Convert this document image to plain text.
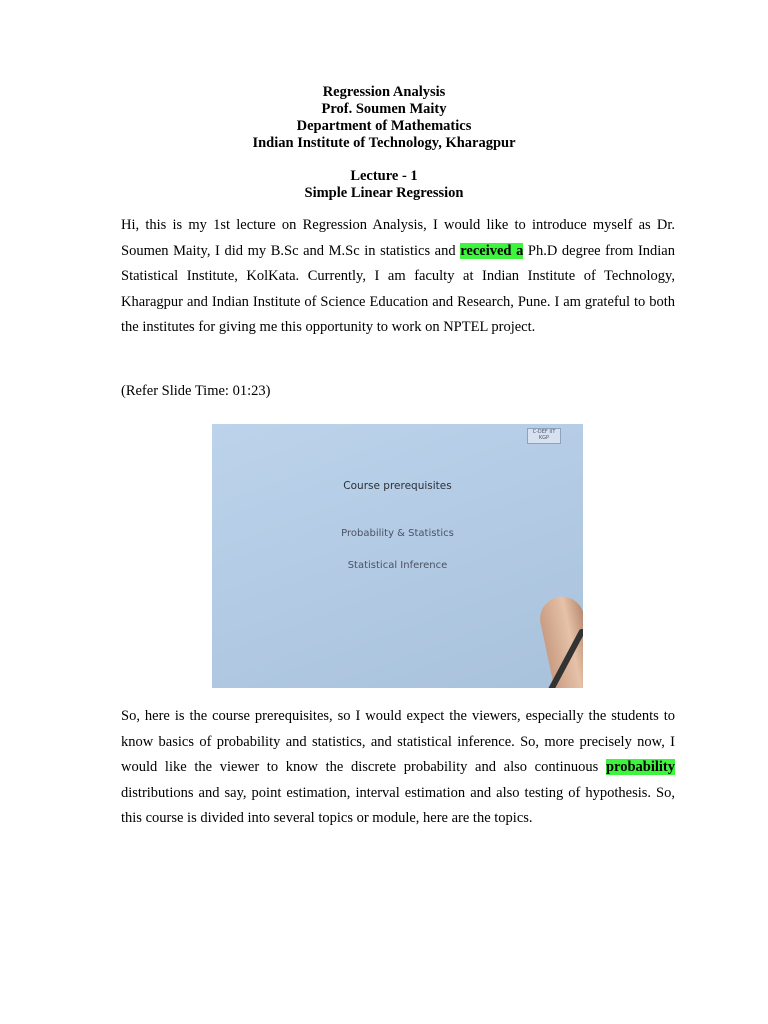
Regression Analysis
Prof. Soumen Maity
Department of Mathematics
Indian Institute of Technology, Kharagpur
Lecture - 1
Simple Linear Regression

Hi, this is my 1st lecture on Regression Analysis, I would like to introduce myself as Dr. Soumen Maity, I did my B.Sc and M.Sc in statistics and received a Ph.D degree from Indian Statistical Institute, KolKata. Currently, I am faculty at Indian Institute of Technology, Kharagpur and Indian Institute of Science Education and Research, Pune. I am grateful to both the institutes for giving me this opportunity to work on NPTEL project.

(Refer Slide Time: 01:23)

C-DEF IIT KGP
Course prerequisites
Probability & Statistics
Statistical Inference

So, here is the course prerequisites, so I would expect the viewers, especially the students to know basics of probability and statistics, and statistical inference. So, more precisely now, I would like the viewer to know the discrete probability and also continuous probability distributions and say, point estimation, interval estimation and also testing of hypothesis. So, this course is divided into several topics or module, here are the topics.
